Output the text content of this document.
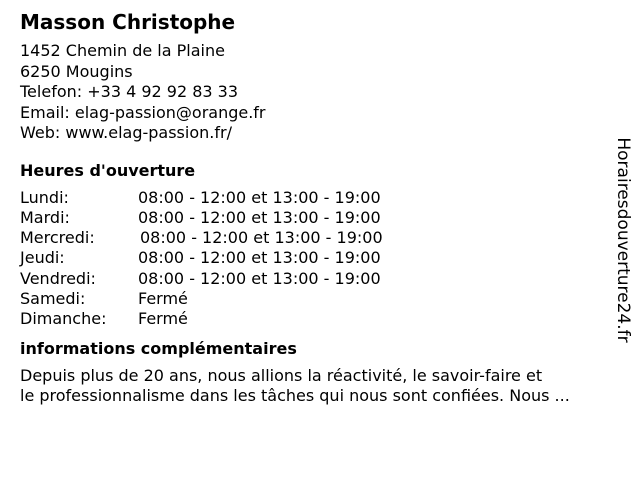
Masson Christophe
1452 Chemin de la Plaine
6250 Mougins
Telefon: +33 4 92 92 83 33
Email: elag-passion@orange.fr
Web: www.elag-passion.fr/
Heures d'ouverture
Lundi:	08:00 - 12:00 et 13:00 - 19:00
Mardi:	08:00 - 12:00 et 13:00 - 19:00
Mercredi:	08:00 - 12:00 et 13:00 - 19:00
Jeudi:	08:00 - 12:00 et 13:00 - 19:00
Vendredi:	08:00 - 12:00 et 13:00 - 19:00
Samedi:	Fermé
Dimanche:	Fermé
informations complémentaires
Depuis plus de 20 ans, nous allions la réactivité, le savoir-faire et
le professionnalisme dans les tâches qui nous sont confiées. Nous ...
Horairesdouverture24.fr
